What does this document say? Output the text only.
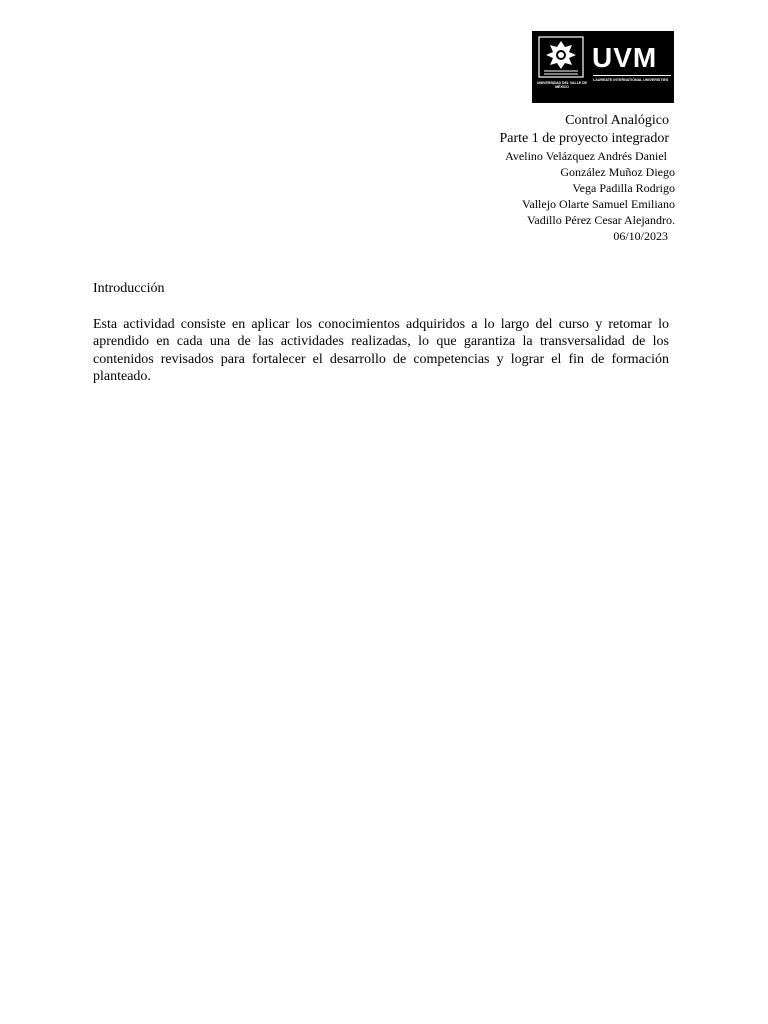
UNIVERSIDAD DEL VALLE DE MÉXICO
UVM
LAUREATE INTERNATIONAL UNIVERSITIES
Control Analógico
Parte 1 de proyecto integrador
Avelino Velázquez Andrés Daniel
González Muñoz Diego
Vega Padilla Rodrigo
Vallejo Olarte Samuel Emiliano
Vadillo Pérez Cesar Alejandro.
06/10/2023
Introducción
Esta actividad consiste en aplicar los conocimientos adquiridos a lo largo del curso y retomar lo aprendido en cada una de las actividades realizadas, lo que garantiza la transversalidad de los contenidos revisados para fortalecer el desarrollo de competencias y lograr el fin de formación planteado.
